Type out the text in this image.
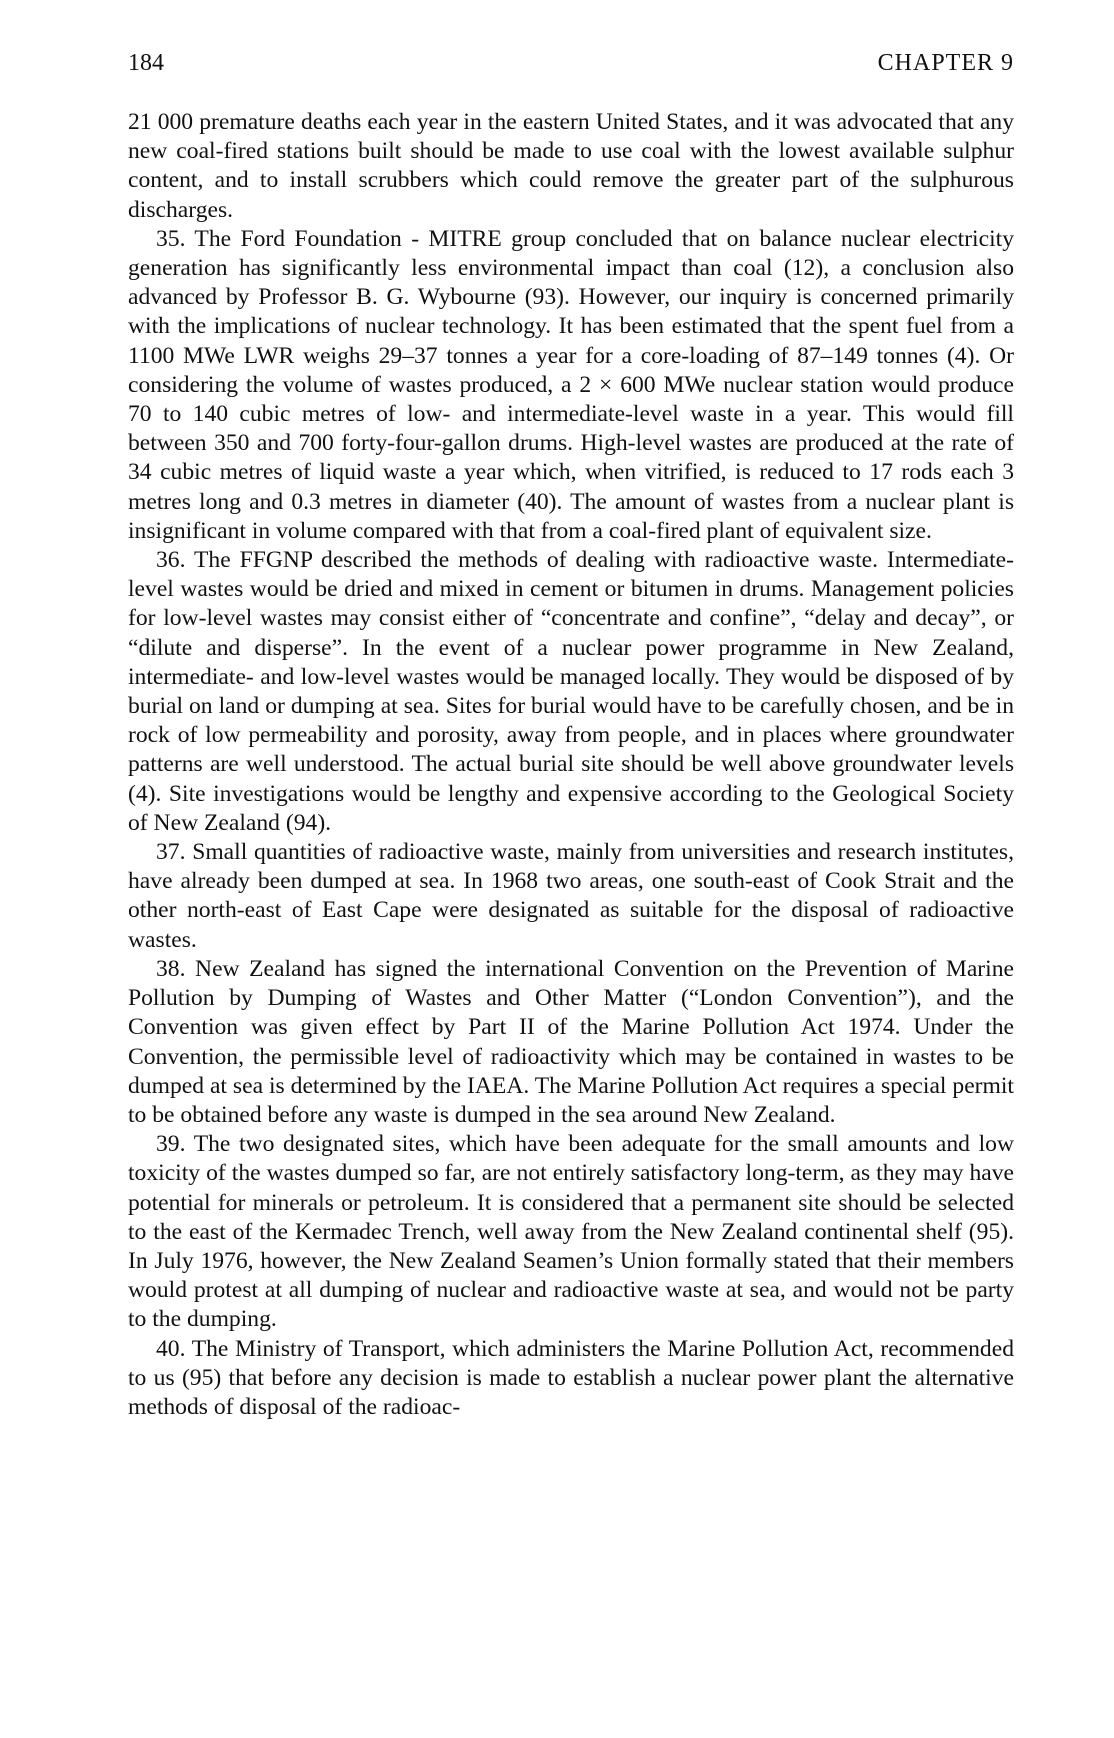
184	CHAPTER 9

21 000 premature deaths each year in the eastern United States, and it was advocated that any new coal-fired stations built should be made to use coal with the lowest available sulphur content, and to install scrubbers which could remove the greater part of the sulphurous discharges.

35. The Ford Foundation - MITRE group concluded that on balance nuclear electricity generation has significantly less environmental impact than coal (12), a conclusion also advanced by Professor B. G. Wybourne (93). However, our inquiry is concerned primarily with the implications of nuclear technology. It has been estimated that the spent fuel from a 1100 MWe LWR weighs 29–37 tonnes a year for a core-loading of 87–149 tonnes (4). Or considering the volume of wastes produced, a 2 × 600 MWe nuclear station would produce 70 to 140 cubic metres of low- and intermediate-level waste in a year. This would fill between 350 and 700 forty-four-gallon drums. High-level wastes are produced at the rate of 34 cubic metres of liquid waste a year which, when vitrified, is reduced to 17 rods each 3 metres long and 0.3 metres in diameter (40). The amount of wastes from a nuclear plant is insignificant in volume compared with that from a coal-fired plant of equivalent size.

36. The FFGNP described the methods of dealing with radioactive waste. Intermediate-level wastes would be dried and mixed in cement or bitumen in drums. Management policies for low-level wastes may consist either of “concentrate and confine”, “delay and decay”, or “dilute and disperse”. In the event of a nuclear power programme in New Zealand, intermediate- and low-level wastes would be managed locally. They would be disposed of by burial on land or dumping at sea. Sites for burial would have to be carefully chosen, and be in rock of low permeability and porosity, away from people, and in places where groundwater patterns are well understood. The actual burial site should be well above groundwater levels (4). Site investigations would be lengthy and expensive according to the Geological Society of New Zealand (94).

37. Small quantities of radioactive waste, mainly from universities and research institutes, have already been dumped at sea. In 1968 two areas, one south-east of Cook Strait and the other north-east of East Cape were designated as suitable for the disposal of radioactive wastes.

38. New Zealand has signed the international Convention on the Prevention of Marine Pollution by Dumping of Wastes and Other Matter (“London Convention”), and the Convention was given effect by Part II of the Marine Pollution Act 1974. Under the Convention, the permissible level of radioactivity which may be contained in wastes to be dumped at sea is determined by the IAEA. The Marine Pollution Act requires a special permit to be obtained before any waste is dumped in the sea around New Zealand.

39. The two designated sites, which have been adequate for the small amounts and low toxicity of the wastes dumped so far, are not entirely satisfactory long-term, as they may have potential for minerals or petroleum. It is considered that a permanent site should be selected to the east of the Kermadec Trench, well away from the New Zealand continental shelf (95). In July 1976, however, the New Zealand Seamen’s Union formally stated that their members would protest at all dumping of nuclear and radioactive waste at sea, and would not be party to the dumping.

40. The Ministry of Transport, which administers the Marine Pollution Act, recommended to us (95) that before any decision is made to establish a nuclear power plant the alternative methods of disposal of the radioac-
